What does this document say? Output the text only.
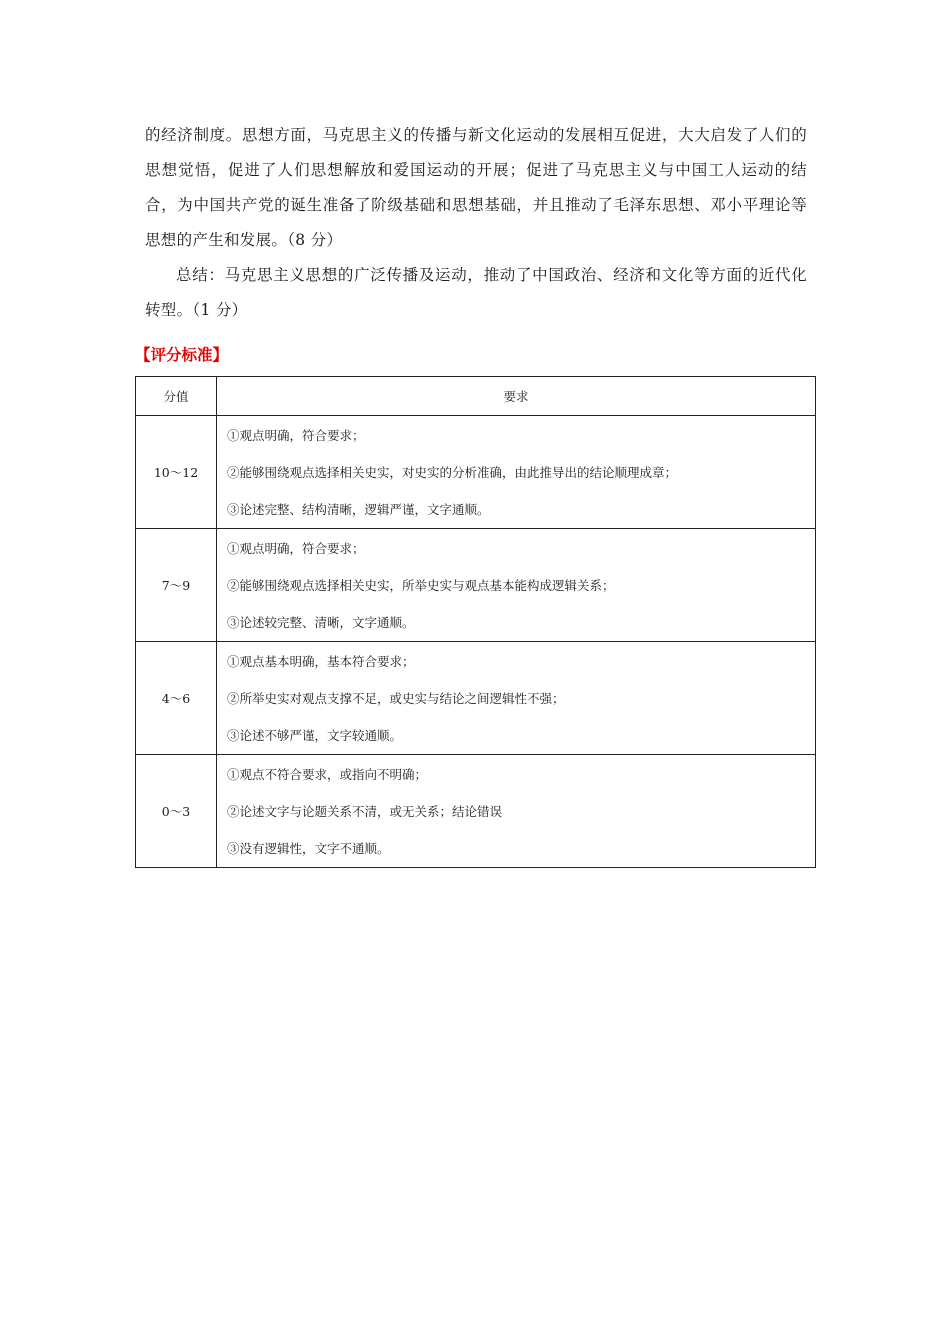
的经济制度。思想方面，马克思主义的传播与新文化运动的发展相互促进，大大启发了人们的思想觉悟，促进了人们思想解放和爱国运动的开展；促进了马克思主义与中国工人运动的结合，为中国共产党的诞生准备了阶级基础和思想基础，并且推动了毛泽东思想、邓小平理论等思想的产生和发展。（8 分）

总结：马克思主义思想的广泛传播及运动，推动了中国政治、经济和文化等方面的近代化转型。（1 分）

【评分标准】
分值	要求
10～12	①观点明确，符合要求；
②能够围绕观点选择相关史实，对史实的分析准确，由此推导出的结论顺理成章；
③论述完整、结构清晰，逻辑严谨，文字通顺。

7～9	①观点明确，符合要求；
②能够围绕观点选择相关史实，所举史实与观点基本能构成逻辑关系；
③论述较完整、清晰，文字通顺。

4～6	①观点基本明确，基本符合要求；
②所举史实对观点支撑不足，或史实与结论之间逻辑性不强；
③论述不够严谨，文字较通顺。

0～3	①观点不符合要求，或指向不明确；
②论述文字与论题关系不清，或无关系；结论错误
③没有逻辑性，文字不通顺。
